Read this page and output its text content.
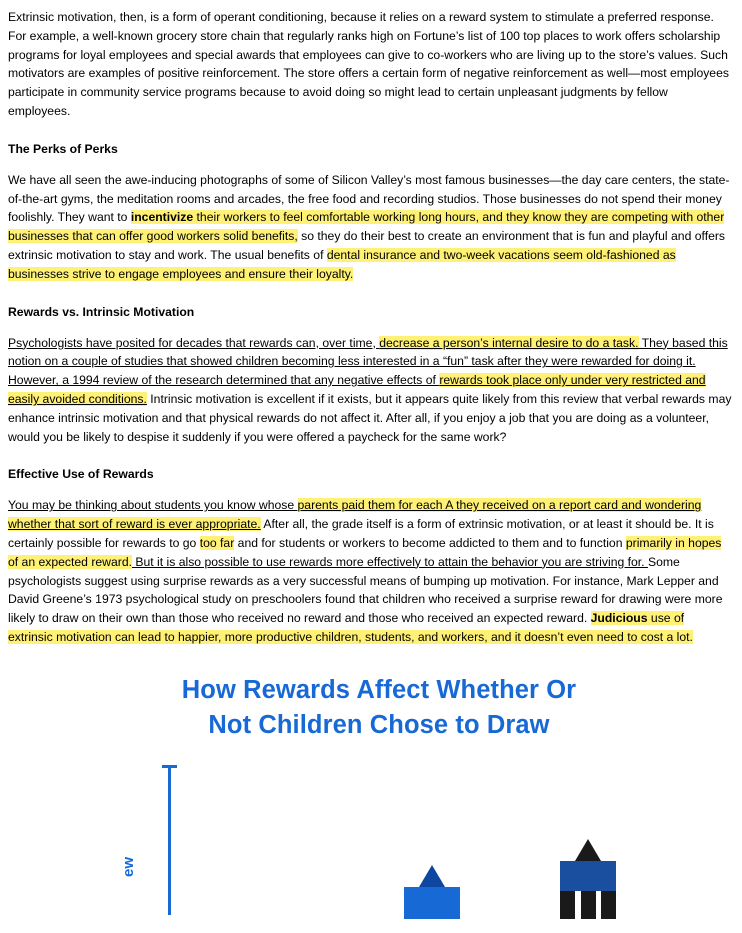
Extrinsic motivation, then, is a form of operant conditioning, because it relies on a reward system to stimulate a preferred response. For example, a well-known grocery store chain that regularly ranks high on Fortune’s list of 100 top places to work offers scholarship programs for loyal employees and special awards that employees can give to co-workers who are living up to the store’s values. Such motivators are examples of positive reinforcement. The store offers a certain form of negative reinforcement as well—most employees participate in community service programs because to avoid doing so might lead to certain unpleasant judgments by fellow employees.

The Perks of Perks

We have all seen the awe-inducing photographs of some of Silicon Valley’s most famous businesses—the day care centers, the state-of-the-art gyms, the meditation rooms and arcades, the free food and recording studios. Those businesses do not spend their money foolishly. They want to incentivize their workers to feel comfortable working long hours, and they know they are competing with other businesses that can offer good workers solid benefits, so they do their best to create an environment that is fun and playful and offers extrinsic motivation to stay and work. The usual benefits of dental insurance and two-week vacations seem old-fashioned as businesses strive to engage employees and ensure their loyalty.

Rewards vs. Intrinsic Motivation

Psychologists have posited for decades that rewards can, over time, decrease a person’s internal desire to do a task. They based this notion on a couple of studies that showed children becoming less interested in a “fun” task after they were rewarded for doing it. However, a 1994 review of the research determined that any negative effects of rewards took place only under very restricted and easily avoided conditions. Intrinsic motivation is excellent if it exists, but it appears quite likely from this review that verbal rewards may enhance intrinsic motivation and that physical rewards do not affect it. After all, if you enjoy a job that you are doing as a volunteer, would you be likely to despise it suddenly if you were offered a paycheck for the same work?

Effective Use of Rewards

You may be thinking about students you know whose parents paid them for each A they received on a report card and wondering whether that sort of reward is ever appropriate. After all, the grade itself is a form of extrinsic motivation, or at least it should be. It is certainly possible for rewards to go too far and for students or workers to become addicted to them and to function primarily in hopes of an expected reward. But it is also possible to use rewards more effectively to attain the behavior you are striving for. Some psychologists suggest using surprise rewards as a very successful means of bumping up motivation. For instance, Mark Lepper and David Greene’s 1973 psychological study on preschoolers found that children who received a surprise reward for drawing were more likely to draw on their own than those who received no reward and those who received an expected reward. Judicious use of extrinsic motivation can lead to happier, more productive children, students, and workers, and it doesn’t even need to cost a lot.

How Rewards Affect Whether Or
Not Children Chose to Draw
ew
